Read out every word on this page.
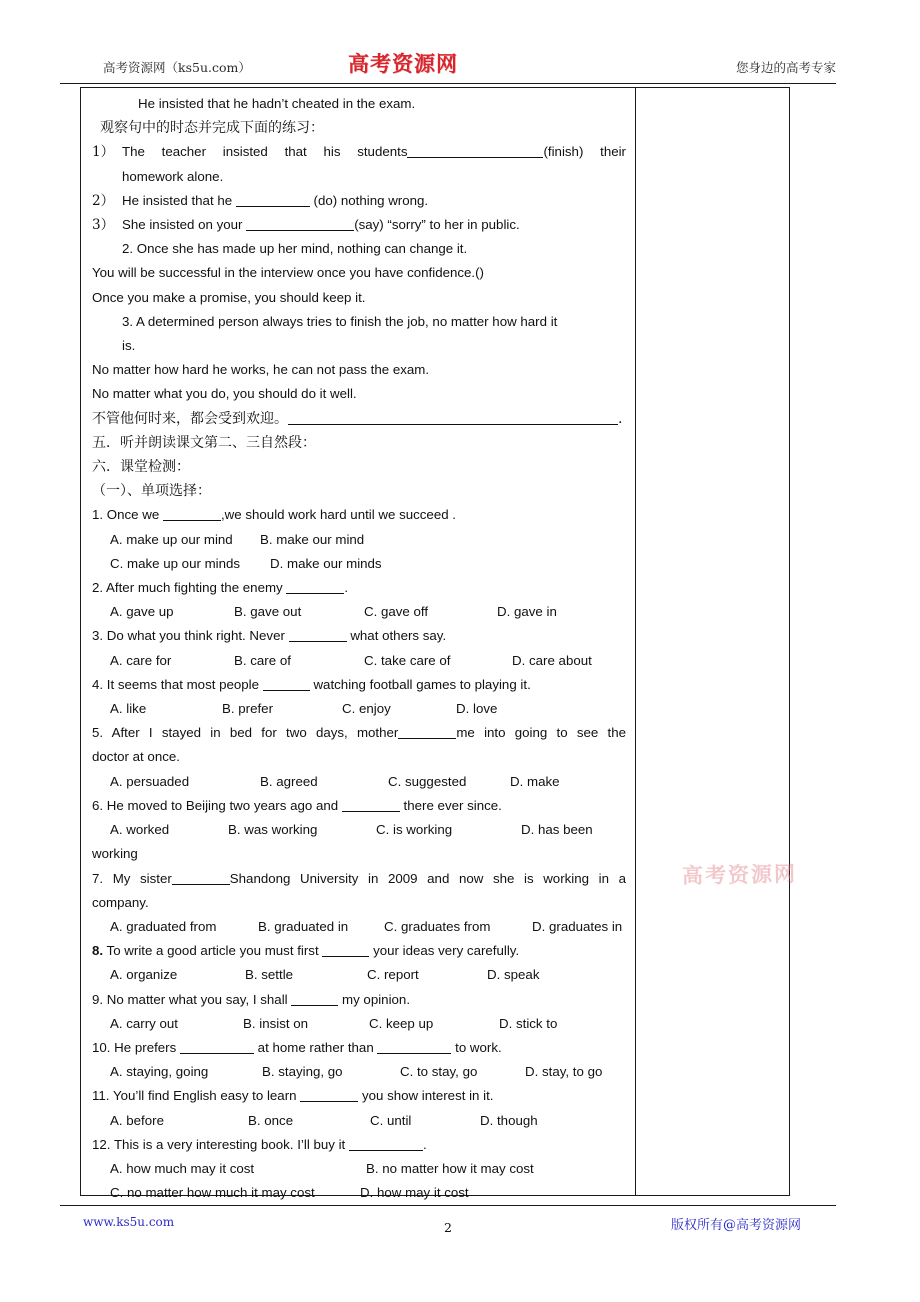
高考资源网（ks5u.com）	高考资源网	您身边的高考专家
He insisted that he hadn’t cheated in the exam.
观察句中的时态并完成下面的练习：
1） The teacher insisted that his students	(finish) their
homework alone.
2） He insisted that he	(do) nothing wrong.
3） She insisted on your	(say) “sorry” to her in public.
2. Once she has made up her mind, nothing can change it.
You will be successful in the interview once you have confidence.()
Once you make a promise, you should keep it.
3. A determined person always tries to finish the job, no matter how hard it
is.
No matter how hard he works, he can not pass the exam.
No matter what you do, you should do it well.
不管他何时来，都会受到欢迎。	.
五．听并朗读课文第二、三自然段：
六．课堂检测：
（一）、单项选择：
1. Once we	,we should work hard until we succeed .
A. make up our mind B. make our mind
C. make up our minds D. make our minds
2. After much fighting the enemy	.
A. gave up	B. gave out	C. gave off	D. gave in
3. Do what you think right. Never	what others say.
A. care for	B. care of	C. take care of	D. care about
4. It seems that most people	watching football games to playing it.
A. like	B. prefer	C. enjoy	D. love
5. After I stayed in bed for two days, mother	me into going to see the
doctor at once.
A. persuaded	B. agreed	C. suggested	D. make
6. He moved to Beijing two years ago and	there ever since.
A. worked	B. was working	C. is working	D. has been
working
7. My sister	Shandong University in 2009 and now she is working in a
company.
A. graduated from	B. graduated in	C. graduates from	D. graduates in
8. To write a good article you must first	your ideas very carefully.
A. organize	B. settle	C. report	D. speak
9. No matter what you say, I shall	my opinion.
A. carry out	B. insist on	C. keep up	D. stick to
10. He prefers	at home rather than	to work.
A. staying, going	B. staying, go	C. to stay, go	D. stay, to go
11. You’ll find English easy to learn	you show interest in it.
A. before	B. once	C. until	D. though
12. This is a very interesting book. I’ll buy it	.
A. how much may it cost	B. no matter how it may cost
C. no matter how much it may cost	D. how may it cost
高考资源网
www.ks5u.com	2	版权所有@高考资源网
